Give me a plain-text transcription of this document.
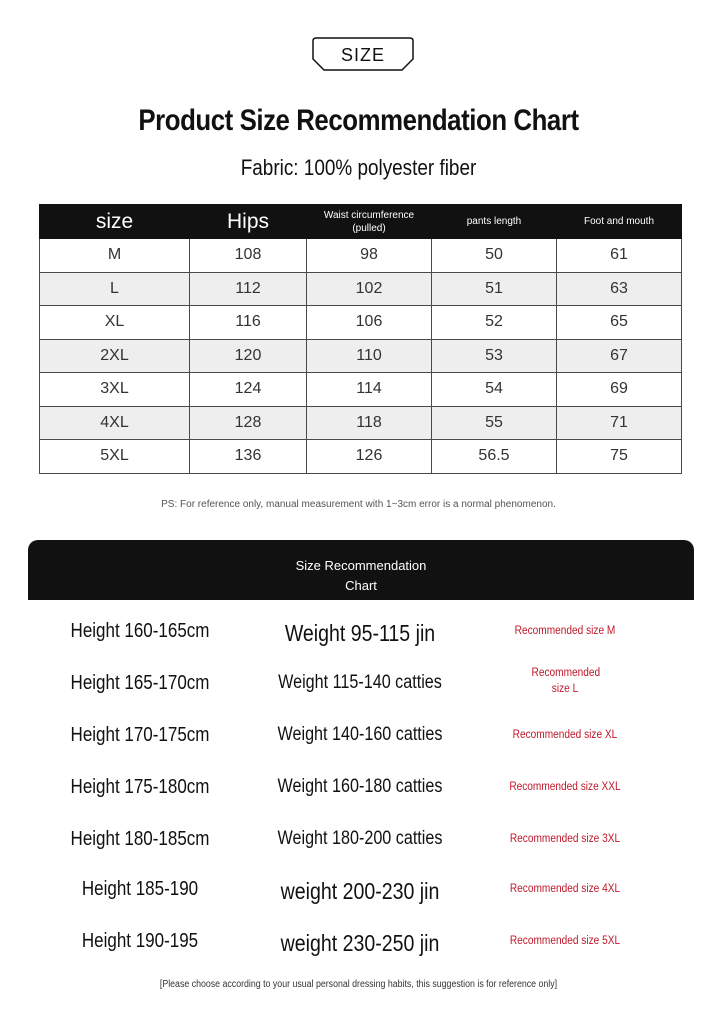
SIZE
Product Size Recommendation Chart
Fabric: 100% polyester fiber
size	Hips	Waist circumference (pulled)	pants length	Foot and mouth
M	108	98	50	61
L	112	102	51	63
XL	116	106	52	65
2XL	120	110	53	67
3XL	124	114	54	69
4XL	128	118	55	71
5XL	136	126	56.5	75
PS: For reference only, manual measurement with 1~3cm error is a normal phenomenon.
Size Recommendation
Chart
Height 160-165cm	Weight 95-115 jin	Recommended size M
Height 165-170cm	Weight 115-140 catties	Recommended size L
Height 170-175cm	Weight 140-160 catties	Recommended size XL
Height 175-180cm	Weight 160-180 catties	Recommended size XXL
Height 180-185cm	Weight 180-200 catties	Recommended size 3XL
Height 185-190	weight 200-230 jin	Recommended size 4XL
Height 190-195	weight 230-250 jin	Recommended size 5XL
[Please choose according to your usual personal dressing habits, this suggestion is for reference only]
